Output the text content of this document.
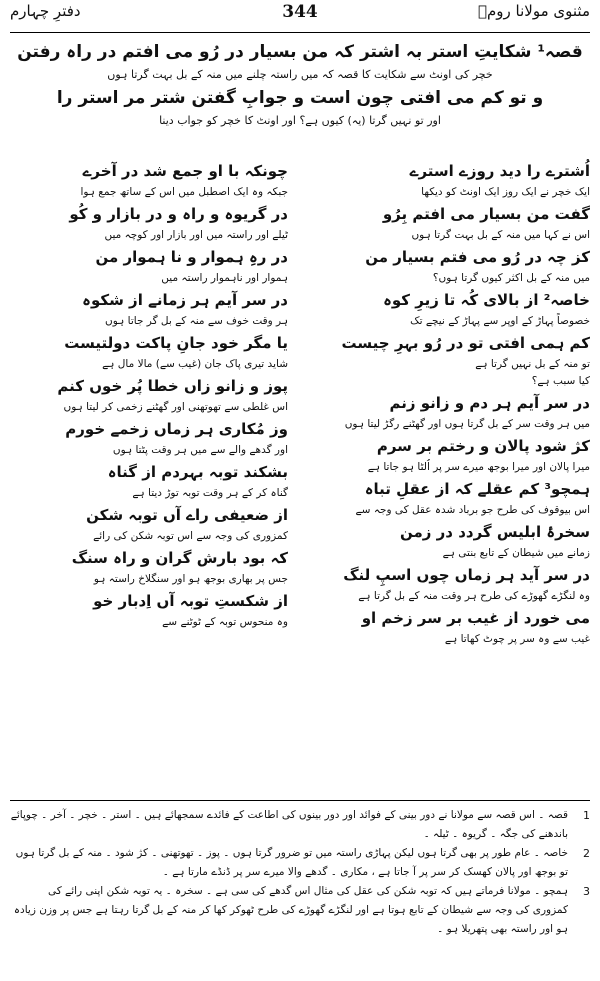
مثنوی مولانا رومؒ
344
دفترِ چہارم
قصہ¹ شکایتِ استر بہ اشتر کہ من بسیار در رُو می افتم در راہ رفتن
خچر کی اونٹ سے شکایت کا قصہ کہ میں راستہ چلنے میں منہ کے بل بہت گرتا ہوں
و تو کم می افتی چون است و جوابِ گفتن شتر مر استر را
اور تو نہیں گرتا (یہ) کیوں ہے؟ اور اونٹ کا خچر کو جواب دینا
اُشترے را دید روزے استرے
ایک خچر نے ایک روز ایک اونٹ کو دیکھا
گفت من بسیار می افتم بِرُو
اس نے کہا میں منہ کے بل بہت گرتا ہوں
کز چہ در رُو می فتم بسیار من
میں منہ کے بل اکثر کیوں گرتا ہوں؟
خاصہ² از بالای کُہ تا زیرِ کوہ
خصوصاً پہاڑ کے اوپر سے پہاڑ کے نیچے تک
کم ہمی افتی تو در رُو بہرِ چیست
تو منہ کے بل نہیں گرتا ہے
کیا سبب ہے؟
در سر آیم ہر دم و زانو زنم
میں ہر وقت سر کے بل گرتا ہوں اور گھٹنے رگڑ لیتا ہوں
کژ شود پالان و رختم بر سرم
میرا پالان اور میرا بوجھ میرے سر پر اُلٹا ہو جاتا ہے
ہمچو³ کم عقلے کہ از عقلِ تباہ
اس بیوقوف کی طرح جو برباد شدہ عقل کی وجہ سے
سخرۂ ابلیس گردد در زمن
زمانے میں شیطان کے تابع بنتی ہے
در سر آید ہر زماں چوں اسپِ لنگ
وہ لنگڑے گھوڑے کی طرح ہر وقت منہ کے بل گرتا ہے
می خورد از غیب بر سر زخم او
غیب سے وہ سر پر چوٹ کھاتا ہے
چونکہ با او جمع شد در آخرے
جبکہ وہ ایک اصطبل میں اس کے ساتھ جمع ہوا
در گریوہ و راہ و در بازار و کُو
ٹیلے اور راستہ میں اور بازار اور کوچہ میں
در رہِ ہموار و نا ہموار من
ہموار اور ناہموار راستہ میں
در سر آیم ہر زمانے از شکوہ
ہر وقت خوف سے منہ کے بل گر جاتا ہوں
یا مگر خود جانِ پاکت دولتیست
شاید تیری پاک جان (غیب سے) مالا مال ہے
پوز و زانو زاں خطا پُر خوں کنم
اس غلطی سے تھوتھنی اور گھٹنے زخمی کر لیتا ہوں
وز مُکاری ہر زماں زخمے خورم
اور گدھے والے سے میں ہر وقت پٹتا ہوں
بشکند توبہ بہردم از گناہ
گناہ کر کے ہر وقت توبہ توڑ دیتا ہے
از ضعیفی راے آں توبہ شکن
کمزوری کی وجہ سے اس توبہ شکن کی رائے
کہ بود بارش گران و راہ سنگ
جس پر بھاری بوجھ ہو اور سنگلاخ راستہ ہو
از شکستِ توبہ آں اِدبار خو
وہ منحوس توبہ کے ٹوٹنے سے
1
قصہ ۔ اس قصہ سے مولانا نے دور بینی کے فوائد اور دور بینوں کی اطاعت کے فائدے سمجھائے ہیں ۔ استر ۔ خچر ۔ آخر ۔ چوپائے باندھنے کی جگہ ۔ گریوہ ۔ ٹیلہ ۔
2
خاصہ ۔ عام طور پر بھی گرتا ہوں لیکن پہاڑی راستہ میں تو ضرور گرتا ہوں ۔ پوز ۔ تھوتھنی ۔ کژ شود ۔ منہ کے بل گرتا ہوں تو بوجھ اور پالان کھسک کر سر پر آ جاتا ہے ، مکاری ۔ گدھے والا میرے سر پر ڈنڈے مارتا ہے ۔
3
ہمچو ۔ مولانا فرماتے ہیں کہ توبہ شکن کی عقل کی مثال اس گدھے کی سی ہے ۔ سخرہ ۔ یہ توبہ شکن اپنی رائے کی کمزوری کی وجہ سے شیطان کے تابع ہوتا ہے اور لنگڑے گھوڑے کی طرح ٹھوکر کھا کر منہ کے بل گرتا رہتا ہے جس پر وزن زیادہ ہو اور راستہ بھی پتھریلا ہو ۔
